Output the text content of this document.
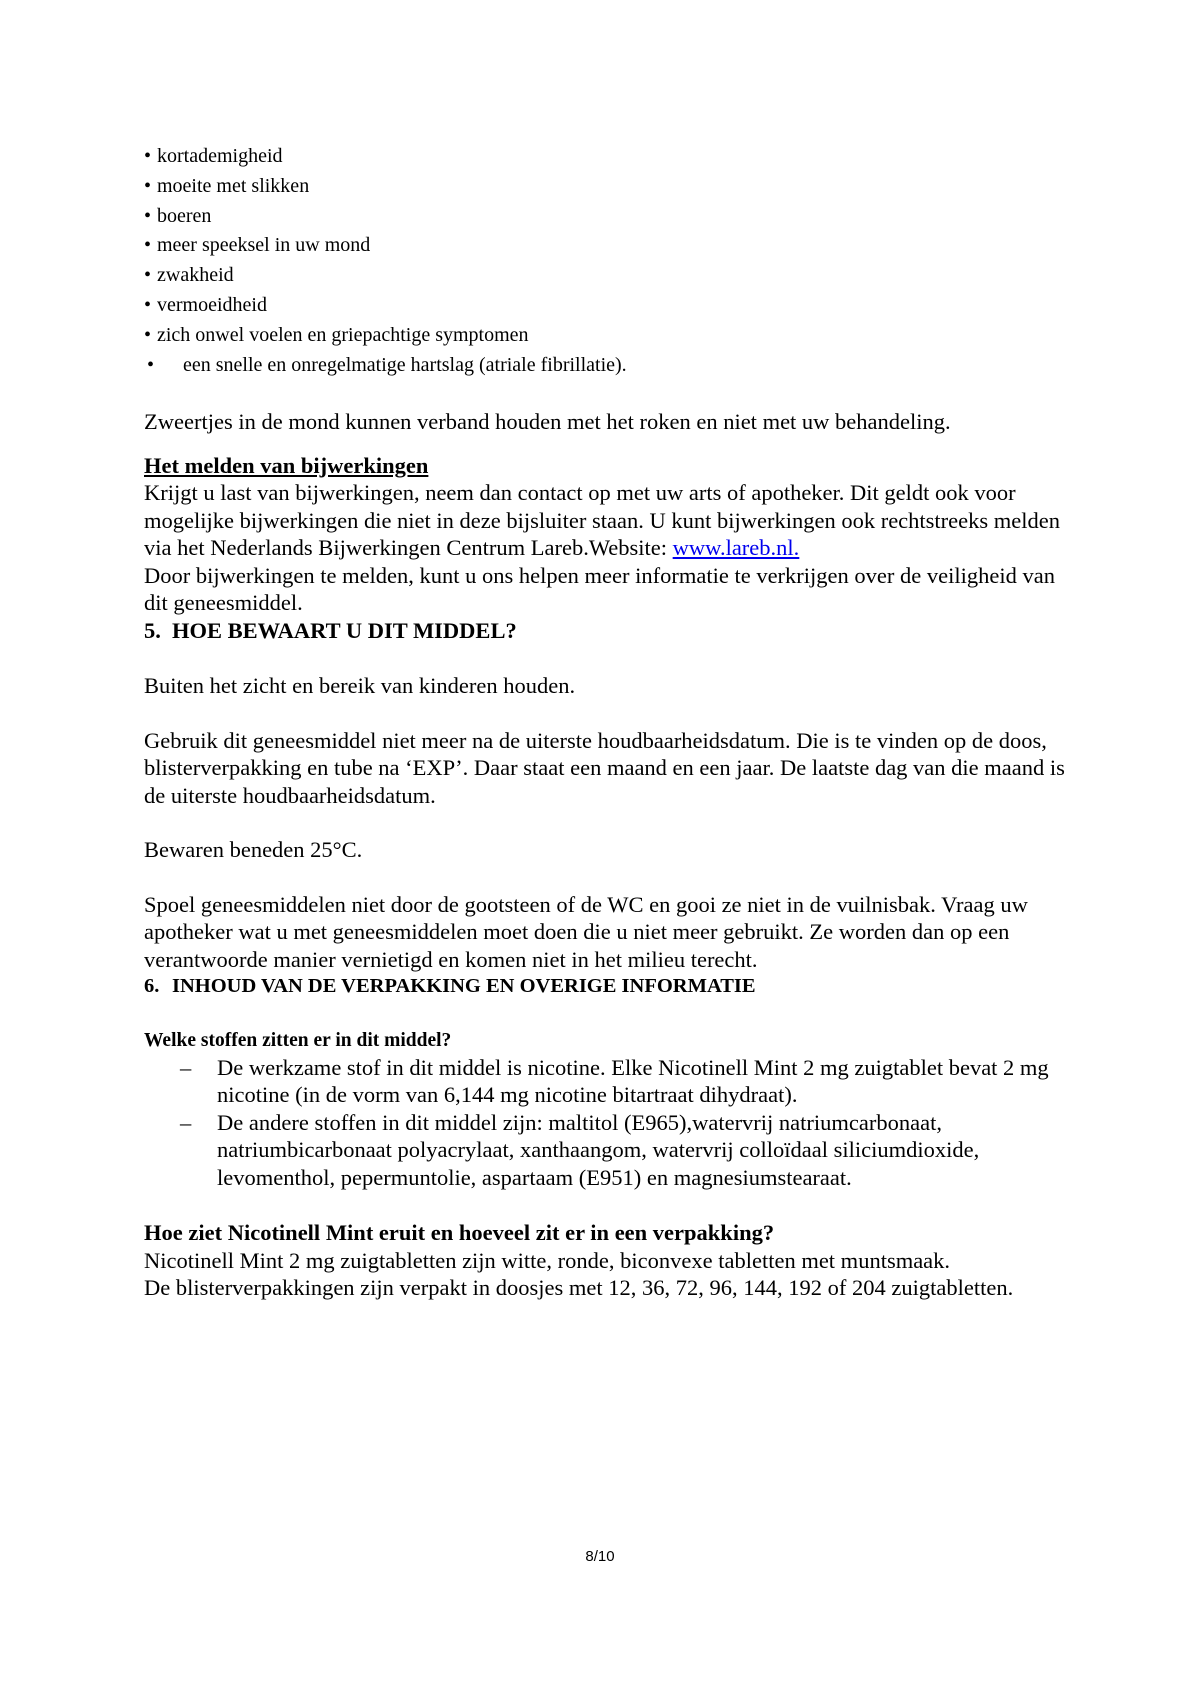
• kortademigheid
• moeite met slikken
• boeren
• meer speeksel in uw mond
• zwakheid
• vermoeidheid
• zich onwel voelen en griepachtige symptomen
• een snelle en onregelmatige hartslag (atriale fibrillatie).

Zweertjes in de mond kunnen verband houden met het roken en niet met uw behandeling.

Het melden van bijwerkingen

Krijgt u last van bijwerkingen, neem dan contact op met uw arts of apotheker. Dit geldt ook voor mogelijke bijwerkingen die niet in deze bijsluiter staan. U kunt bijwerkingen ook rechtstreeks melden via het Nederlands Bijwerkingen Centrum Lareb.Website: www.lareb.nl.
Door bijwerkingen te melden, kunt u ons helpen meer informatie te verkrijgen over de veiligheid van dit geneesmiddel.

5. HOE BEWAART U DIT MIDDEL?

Buiten het zicht en bereik van kinderen houden.

Gebruik dit geneesmiddel niet meer na de uiterste houdbaarheidsdatum. Die is te vinden op de doos, blisterverpakking en tube na ‘EXP’. Daar staat een maand en een jaar. De laatste dag van die maand is de uiterste houdbaarheidsdatum.

Bewaren beneden 25°C.

Spoel geneesmiddelen niet door de gootsteen of de WC en gooi ze niet in de vuilnisbak. Vraag uw apotheker wat u met geneesmiddelen moet doen die u niet meer gebruikt. Ze worden dan op een verantwoorde manier vernietigd en komen niet in het milieu terecht.

6. INHOUD VAN DE VERPAKKING EN OVERIGE INFORMATIE
Welke stoffen zitten er in dit middel?
– De werkzame stof in dit middel is nicotine. Elke Nicotinell Mint 2 mg zuigtablet bevat 2 mg nicotine (in de vorm van 6,144 mg nicotine bitartraat dihydraat).
– De andere stoffen in dit middel zijn: maltitol (E965),watervrij natriumcarbonaat, natriumbicarbonaat polyacrylaat, xanthaangom, watervrij colloïdaal siliciumdioxide, levomenthol, pepermuntolie, aspartaam (E951) en magnesiumstearaat.
Hoe ziet Nicotinell Mint eruit en hoeveel zit er in een verpakking?

Nicotinell Mint 2 mg zuigtabletten zijn witte, ronde, biconvexe tabletten met muntsmaak.

De blisterverpakkingen zijn verpakt in doosjes met 12, 36, 72, 96, 144, 192 of 204 zuigtabletten.

8/10
